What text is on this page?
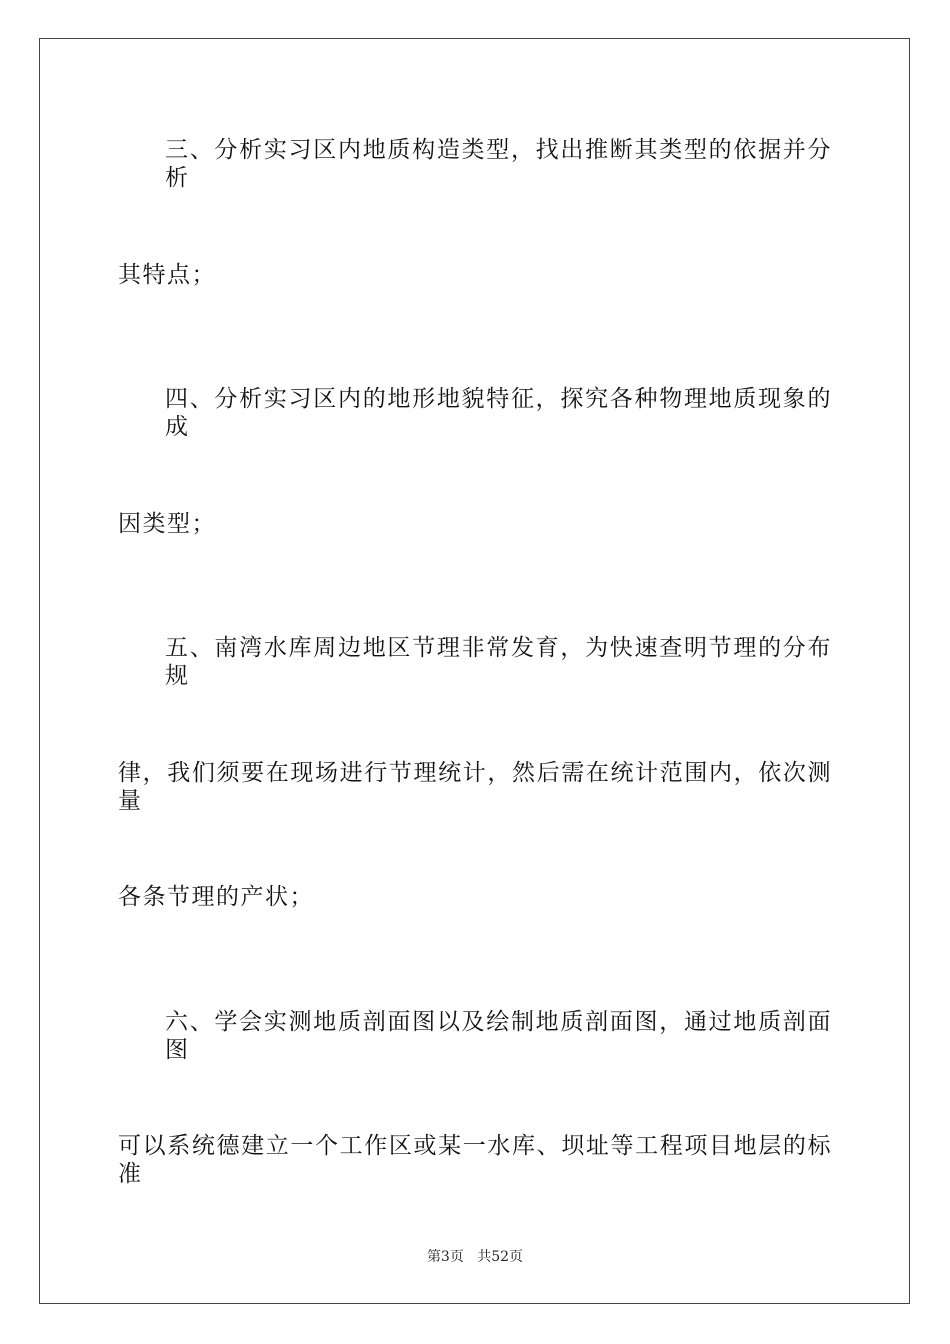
三、分析实习区内地质构造类型，找出推断其类型的依据并分析
其特点；
四、分析实习区内的地形地貌特征，探究各种物理地质现象的成
因类型；
五、南湾水库周边地区节理非常发育，为快速查明节理的分布规
律，我们须要在现场进行节理统计，然后需在统计范围内，依次测量
各条节理的产状；
六、学会实测地质剖面图以及绘制地质剖面图，通过地质剖面图
可以系统德建立一个工作区或某一水库、坝址等工程项目地层的标准
第3页 共52页
